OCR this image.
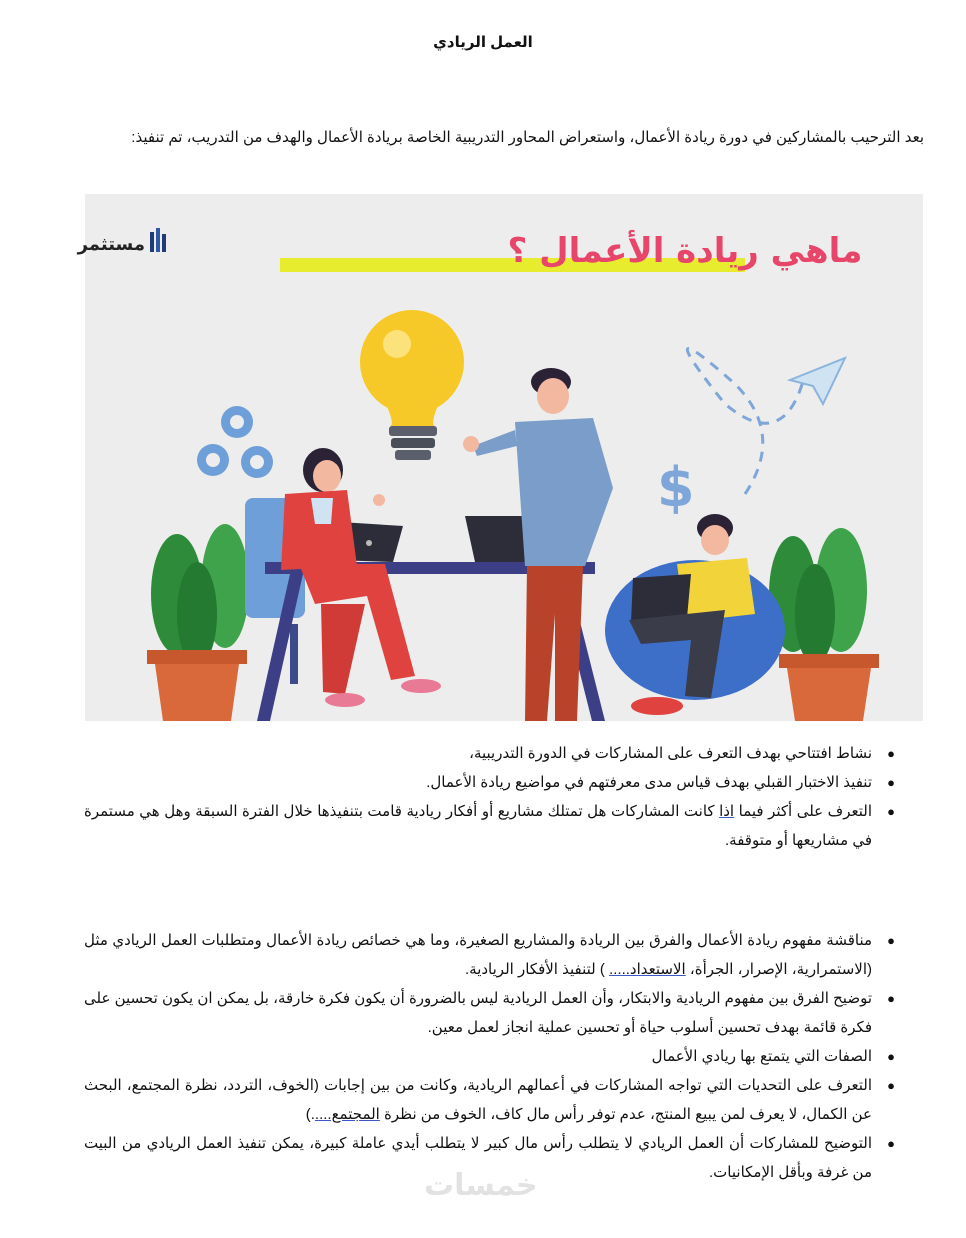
العمل الريادي
بعد الترحيب بالمشاركين في دورة ريادة الأعمال، واستعراض المحاور التدريبية الخاصة بريادة الأعمال والهدف من التدريب، تم تنفيذ:
ماهي ريادة الأعمال ؟
مستثمر
$
●
نشاط افتتاحي بهدف التعرف على المشاركات في الدورة التدريبية،
●
تنفيذ الاختبار القبلي بهدف قياس مدى معرفتهم في مواضيع ريادة الأعمال.
●
التعرف على أكثر فيما اذا كانت المشاركات هل تمتلك مشاريع أو أفكار ريادية قامت بتنفيذها خلال الفترة السبقة وهل هي مستمرة في مشاريعها أو متوقفة.
●
مناقشة مفهوم ريادة الأعمال والفرق بين الريادة والمشاريع الصغيرة، وما هي خصائص ريادة الأعمال ومتطلبات العمل الريادي مثل (الاستمرارية، الإصرار، الجرأة، الاستعداد..... ) لتنفيذ الأفكار الريادية.
●
توضيح الفرق بين مفهوم الريادية والابتكار، وأن العمل الريادية ليس بالضرورة أن يكون فكرة خارقة، بل يمكن ان يكون تحسين على فكرة قائمة بهدف تحسين أسلوب حياة أو تحسين عملية انجاز لعمل معين.
●
الصفات التي يتمتع بها ريادي الأعمال
●
التعرف على التحديات التي تواجه المشاركات في أعمالهم الريادية، وكانت من بين إجابات (الخوف، التردد، نظرة المجتمع، البحث عن الكمال، لا يعرف لمن يبيع المنتج، عدم توفر رأس مال كاف، الخوف من نظرة المجتمع.....)
●
التوضيح للمشاركات أن العمل الريادي لا يتطلب رأس مال كبير لا يتطلب أيدي عاملة كبيرة، يمكن تنفيذ العمل الريادي من البيت من غرفة وبأقل الإمكانيات.
خمسات
